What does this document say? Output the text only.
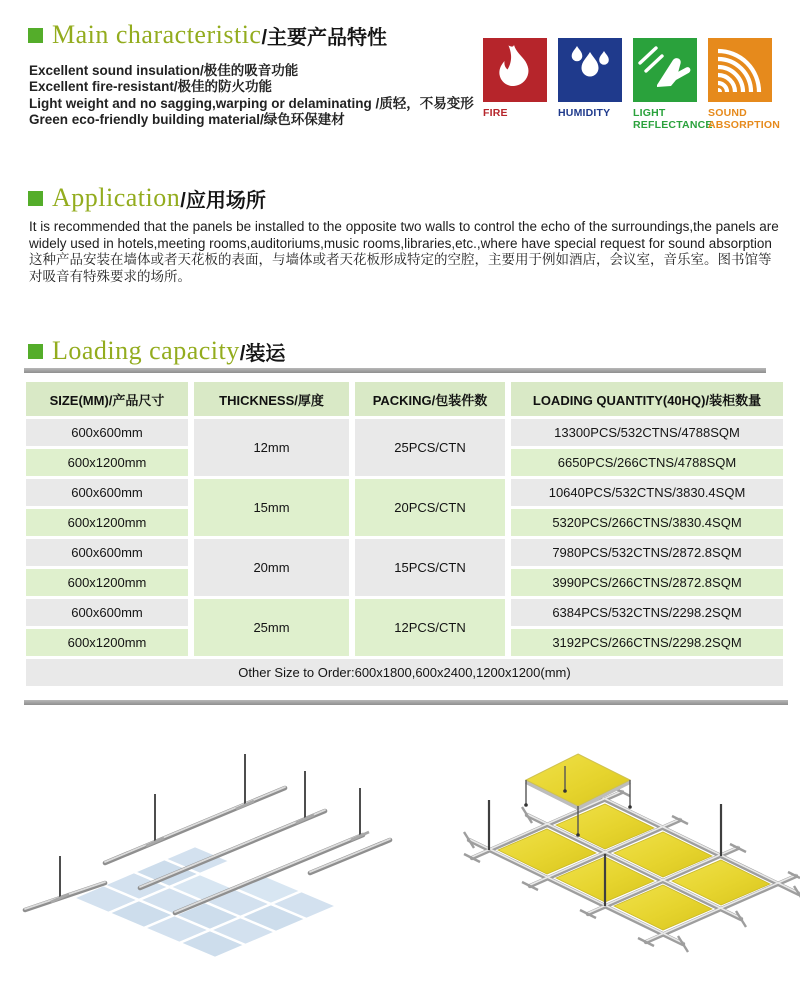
Main characteristic /主要产品特性
Excellent sound insulation/极佳的吸音功能
Excellent fire-resistant/极佳的防火功能
Light weight and no sagging,warping or delaminating /质轻，不易变形
Green eco-friendly building material/绿色环保建材	FIRE	HUMIDITY	LIGHT REFLECTANCE
SOUND ABSORPTION
Application /应用场所
It is recommended that the panels be installed to the opposite two walls to control the echo of the surroundings,the panels are widely used in hotels,meeting rooms,auditoriums,music rooms,libraries,etc.,where have special request for sound absorption
这种产品安装在墙体或者天花板的表面，与墙体或者天花板形成特定的空腔，主要用于例如酒店，会议室，音乐室。图书馆等对吸音有特殊要求的场所。
Loading capacity /装运
SIZE(MM)/产品尺寸	THICKNESS/厚度	PACKING/包装件数	LOADING QUANTITY(40HQ)/装柜数量
600x600mm	12mm	25PCS/CTN	13300PCS/532CTNS/4788SQM
600x1200mm			6650PCS/266CTNS/4788SQM
600x600mm	15mm	20PCS/CTN	10640PCS/532CTNS/3830.4SQM
600x1200mm			5320PCS/266CTNS/3830.4SQM
600x600mm	20mm	15PCS/CTN	7980PCS/532CTNS/2872.8SQM
600x1200mm			3990PCS/266CTNS/2872.8SQM
600x600mm	25mm	12PCS/CTN	6384PCS/532CTNS/2298.2SQM
600x1200mm			3192PCS/266CTNS/2298.2SQM
Other Size to Order:600x1800,600x2400,1200x1200(mm)			
